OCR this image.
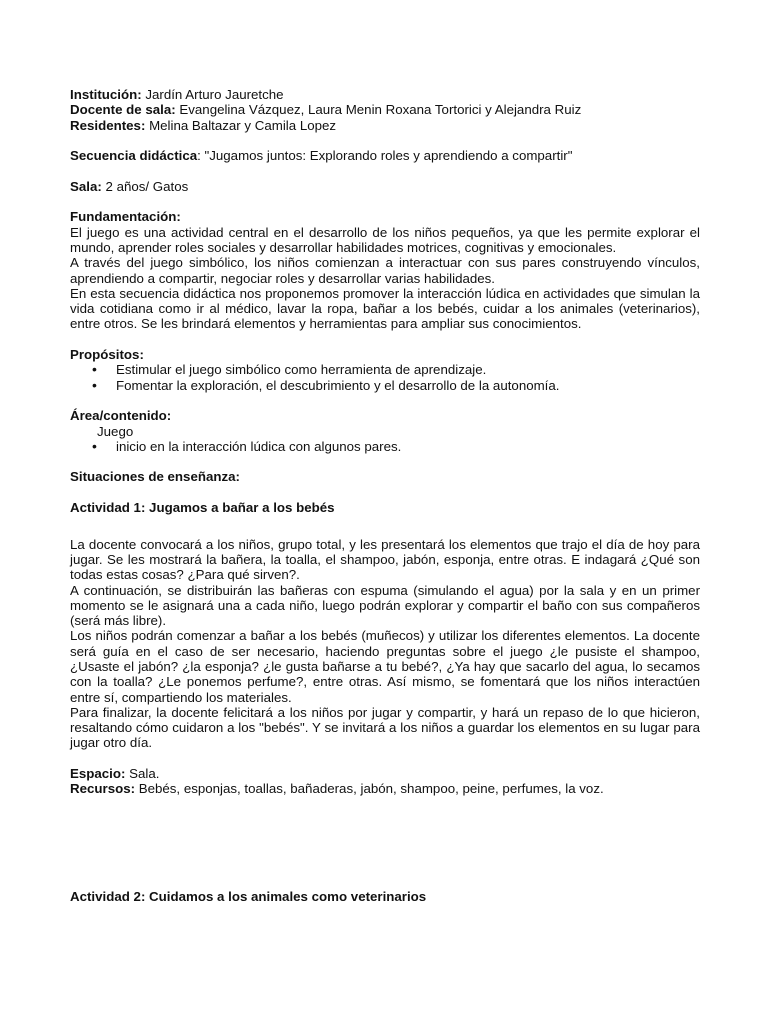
Institución: Jardín Arturo Jauretche
Docente de sala: Evangelina Vázquez, Laura Menin Roxana Tortorici y Alejandra Ruiz
Residentes: Melina Baltazar y Camila Lopez
Secuencia didáctica: "Jugamos juntos: Explorando roles y aprendiendo a compartir"
Sala: 2 años/ Gatos
Fundamentación:
El juego es una actividad central en el desarrollo de los niños pequeños, ya que les permite explorar el mundo, aprender roles sociales y desarrollar habilidades motrices, cognitivas y emocionales.
A través del juego simbólico, los niños comienzan a interactuar con sus pares construyendo vínculos, aprendiendo a compartir, negociar roles y desarrollar varias habilidades.
En esta secuencia didáctica nos proponemos promover la interacción lúdica en actividades que simulan la vida cotidiana como ir al médico, lavar la ropa, bañar a los bebés, cuidar a los animales (veterinarios), entre otros. Se les brindará elementos y herramientas para ampliar sus conocimientos.
Propósitos:
• Estimular el juego simbólico como herramienta de aprendizaje.
• Fomentar la exploración, el descubrimiento y el desarrollo de la autonomía.
Área/contenido:
Juego
• inicio en la interacción lúdica con algunos pares.
Situaciones de enseñanza:
Actividad 1: Jugamos a bañar a los bebés
La docente convocará a los niños, grupo total, y les presentará los elementos que trajo el día de hoy para jugar. Se les mostrará la bañera, la toalla, el shampoo, jabón, esponja, entre otras. E indagará ¿Qué son todas estas cosas? ¿Para qué sirven?.
A continuación, se distribuirán las bañeras con espuma (simulando el agua) por la sala y en un primer momento se le asignará una a cada niño, luego podrán explorar y compartir el baño con sus compañeros (será más libre).
Los niños podrán comenzar a bañar a los bebés (muñecos) y utilizar los diferentes elementos. La docente será guía en el caso de ser necesario, haciendo preguntas sobre el juego ¿le pusiste el shampoo, ¿Usaste el jabón? ¿la esponja? ¿le gusta bañarse a tu bebé?, ¿Ya hay que sacarlo del agua, lo secamos con la toalla? ¿Le ponemos perfume?, entre otras. Así mismo, se fomentará que los niños interactúen entre sí, compartiendo los materiales.
Para finalizar, la docente felicitará a los niños por jugar y compartir, y hará un repaso de lo que hicieron, resaltando cómo cuidaron a los "bebés". Y se invitará a los niños a guardar los elementos en su lugar para jugar otro día.
Espacio: Sala.
Recursos: Bebés, esponjas, toallas, bañaderas, jabón, shampoo, peine, perfumes, la voz.
Actividad 2: Cuidamos a los animales como veterinarios
